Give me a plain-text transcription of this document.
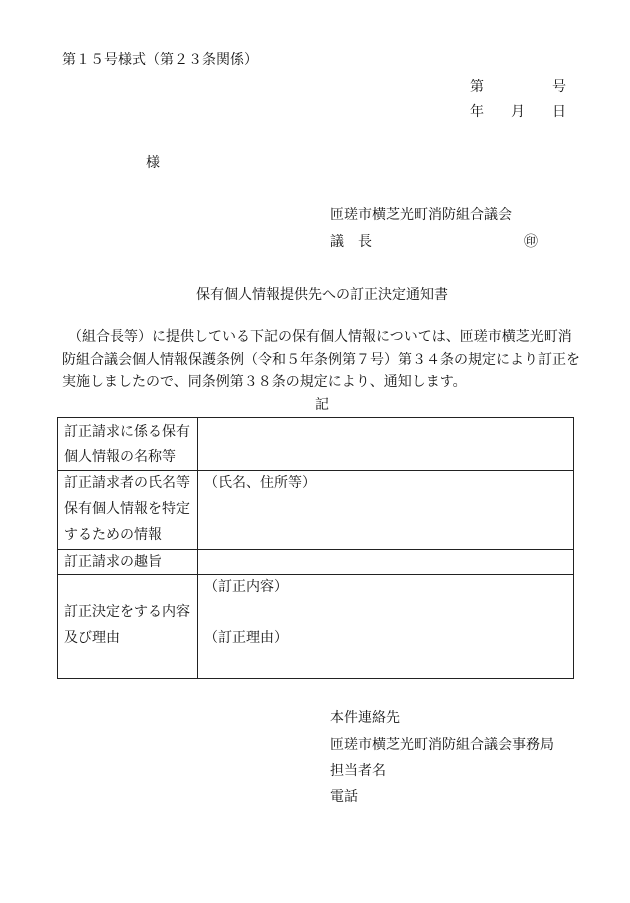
第１５号様式（第２３条関係）
第	号
年 月 日
様
匝瑳市横芝光町消防組合議会
議　長	㊞
保有個人情報提供先への訂正決定通知書
（組合長等）に提供している下記の保有個人情報については、匝瑳市横芝光町消
防組合議会個人情報保護条例（令和５年条例第７号）第３４条の規定により訂正を
実施しましたので、同条例第３８条の規定により、通知します。
記
訂正請求に係る保有
個人情報の名称等
訂正請求者の氏名等
保有個人情報を特定
するための情報
（氏名、住所等）
訂正請求の趣旨
訂正決定をする内容
及び理由
（訂正内容）
（訂正理由）
本件連絡先
匝瑳市横芝光町消防組合議会事務局
担当者名
電話
